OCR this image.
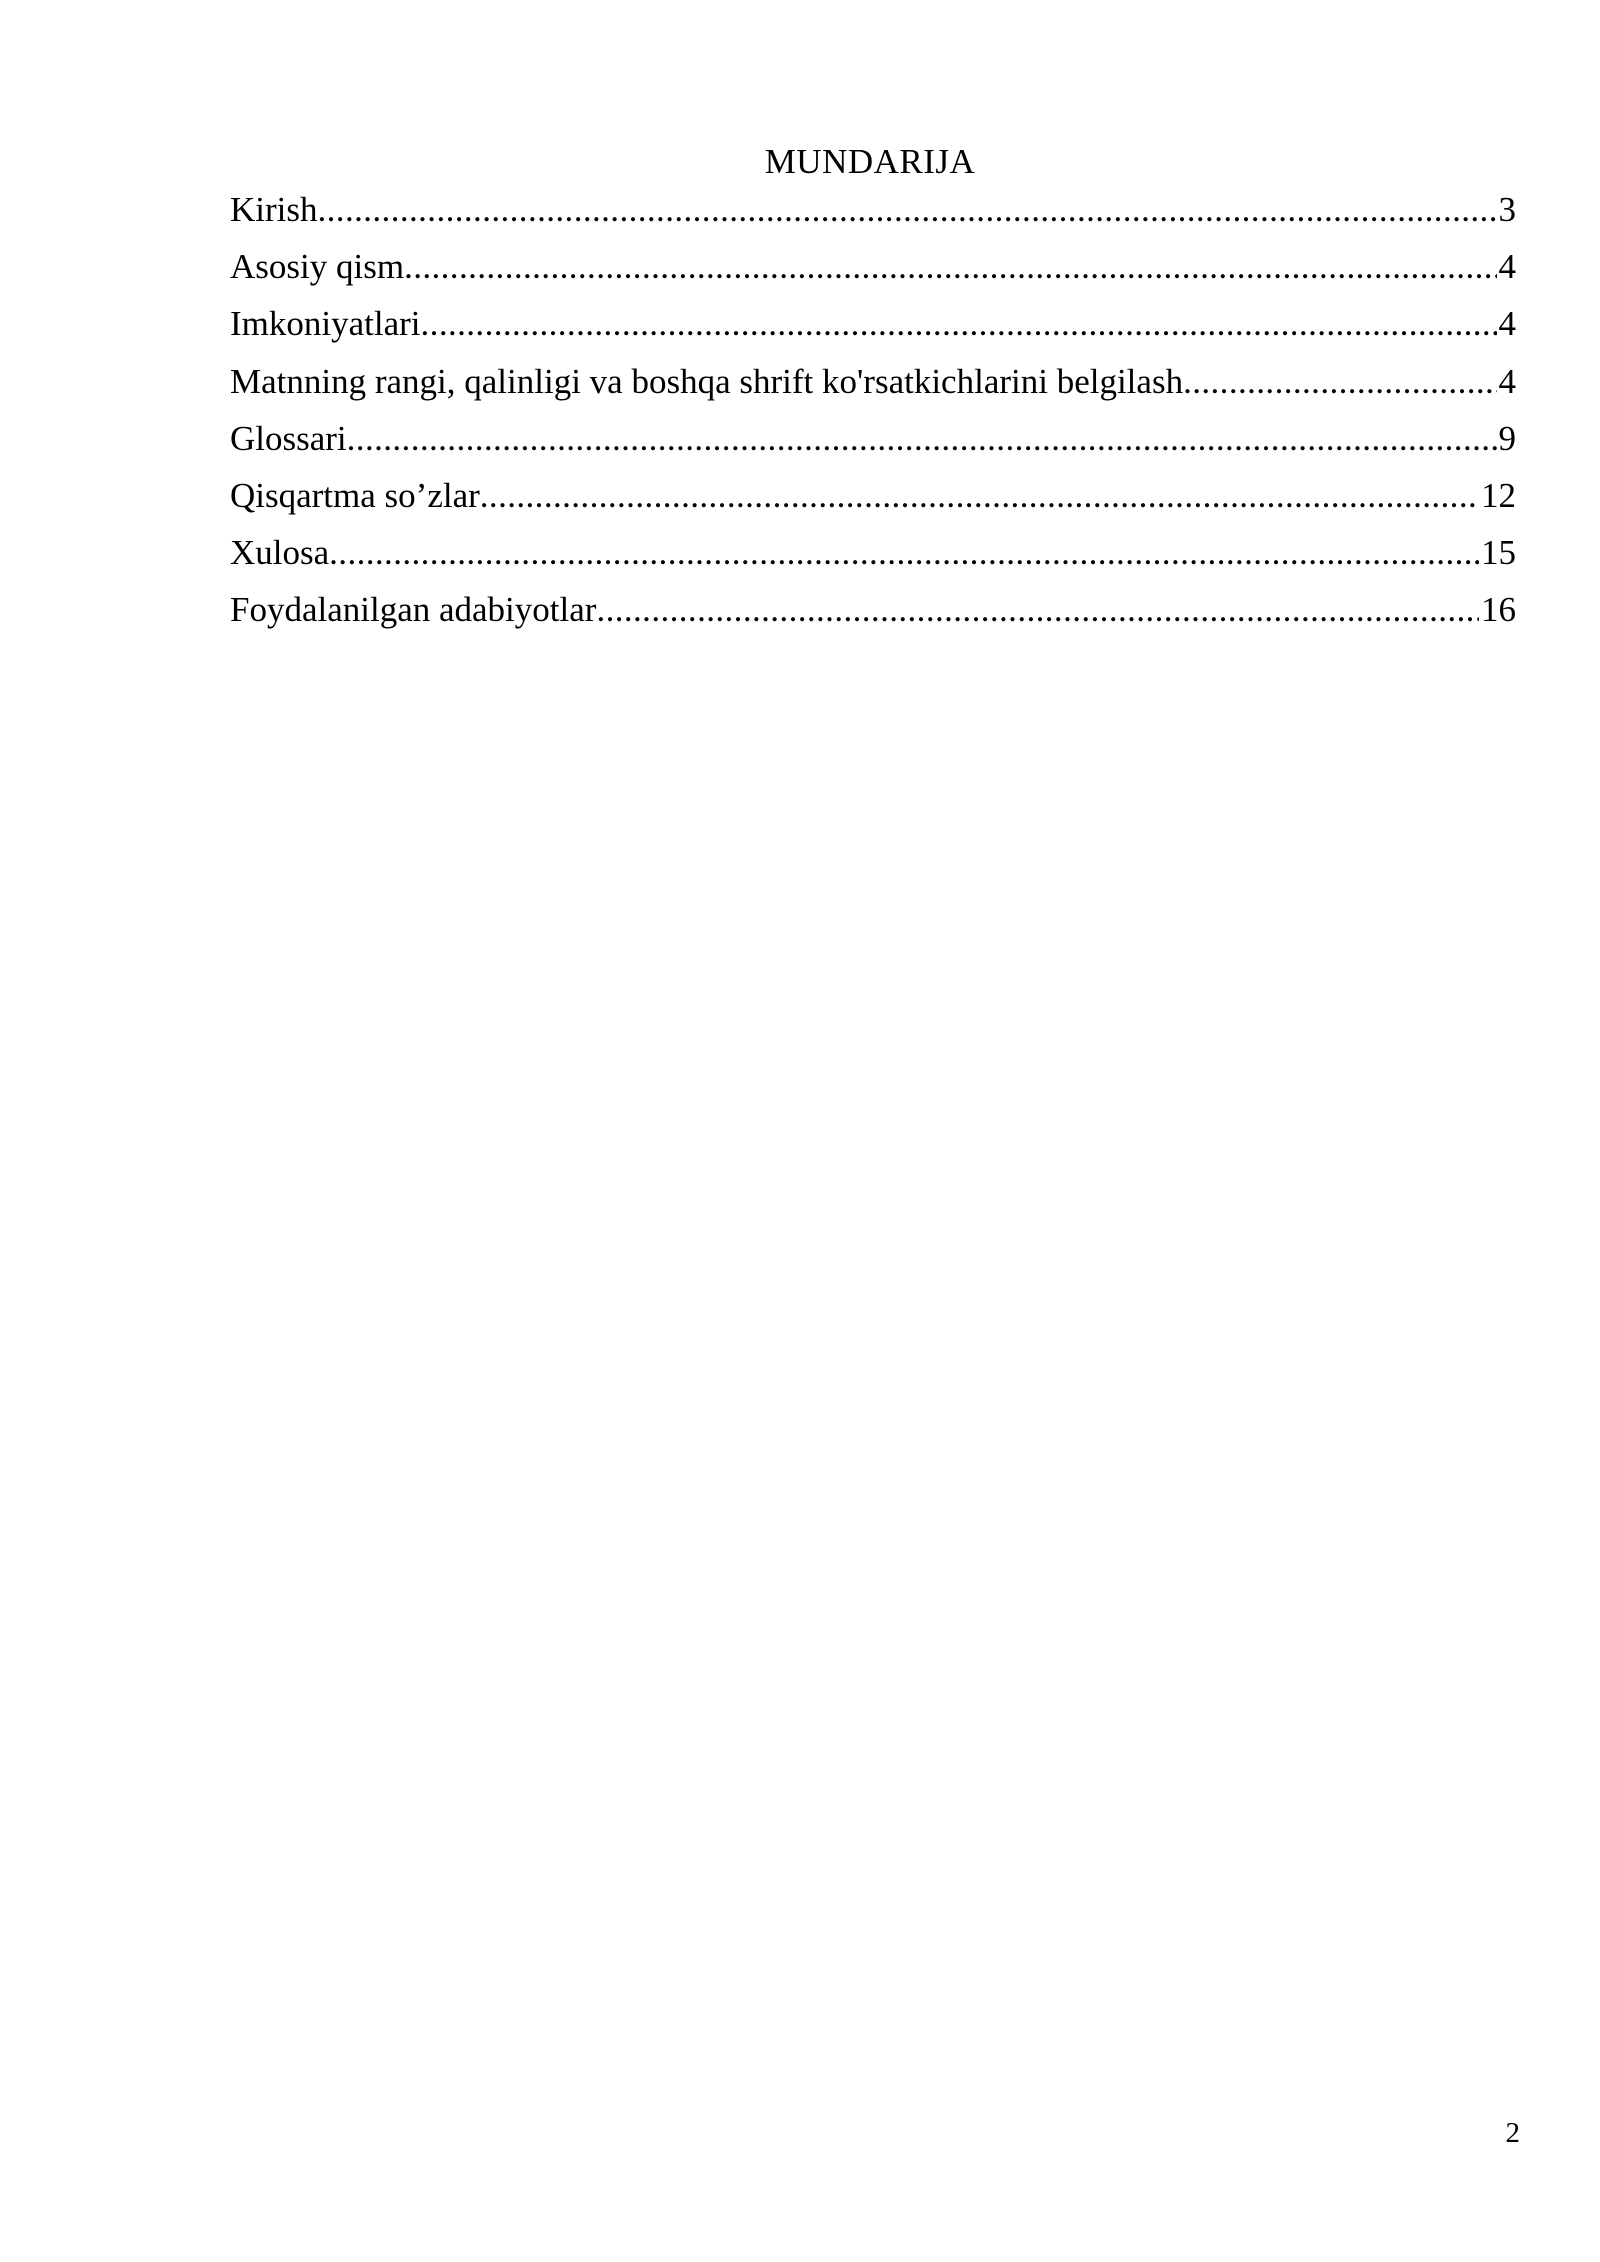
MUNDARIJA
Kirish .....	3
Asosiy qism .....	4
Imkoniyatlari .....	4
Matnning rangi, qalinligi va boshqa shrift ko'rsatkichlarini belgilash .....	4
Glossari .....	9
Qisqartma so’zlar .....	12
Xulosa .....	15
Foydalanilgan adabiyotlar .....	16
2
